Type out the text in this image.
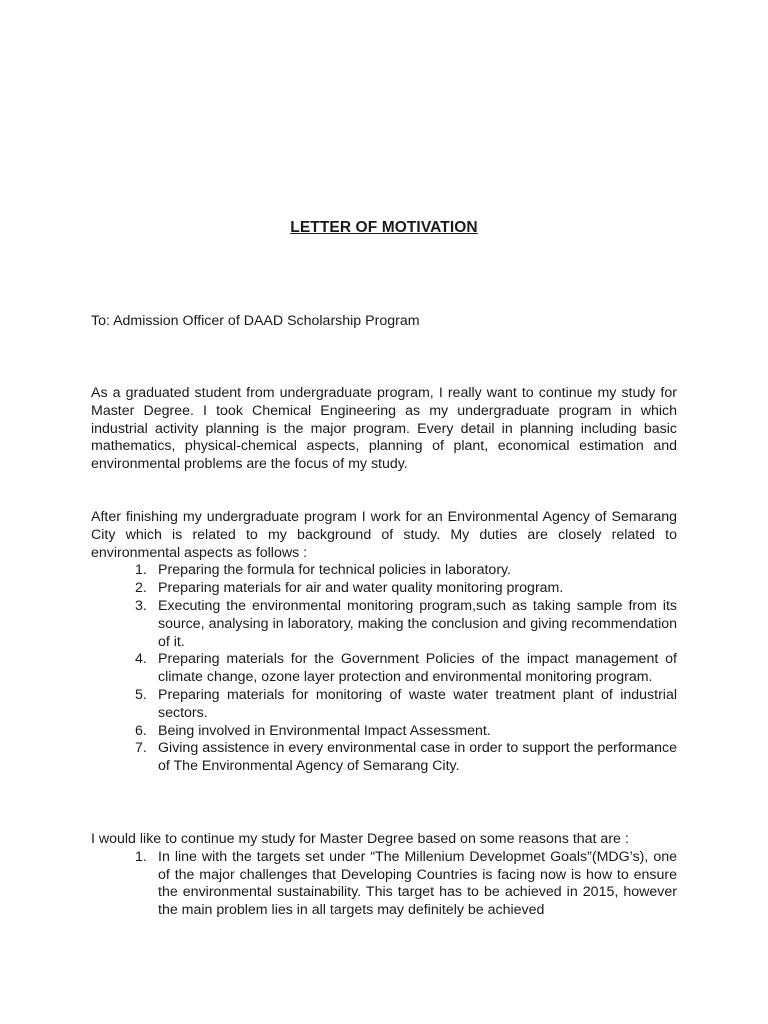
LETTER OF MOTIVATION
To: Admission Officer of DAAD Scholarship Program
As a graduated student from undergraduate program, I really want to continue my study for Master Degree. I took Chemical Engineering as my undergraduate program in which industrial activity planning is the major program. Every detail in planning including basic mathematics, physical-chemical aspects, planning of plant, economical estimation and environmental problems are the focus of my study.
After finishing my undergraduate program I work for an Environmental Agency of Semarang City which is related to my background of study. My duties are closely related to environmental aspects as follows :
1. Preparing the formula for technical policies in laboratory.
2. Preparing materials for air and water quality monitoring program.
3. Executing the environmental monitoring program,such as taking sample from its source, analysing in laboratory, making the conclusion and giving recommendation of it.
4. Preparing materials for the Government Policies of the impact management of climate change, ozone layer protection and environmental monitoring program.
5. Preparing materials for monitoring of waste water treatment plant of industrial sectors.
6. Being involved in Environmental Impact Assessment.
7. Giving assistence in every environmental case in order to support the performance of The Environmental Agency of Semarang City.
I would like to continue my study for Master Degree based on some reasons that are :
1. In line with the targets set under “The Millenium Developmet Goals”(MDG’s), one of the major challenges that Developing Countries is facing now is how to ensure the environmental sustainability. This target has to be achieved in 2015, however the main problem lies in all targets may definitely be achieved
